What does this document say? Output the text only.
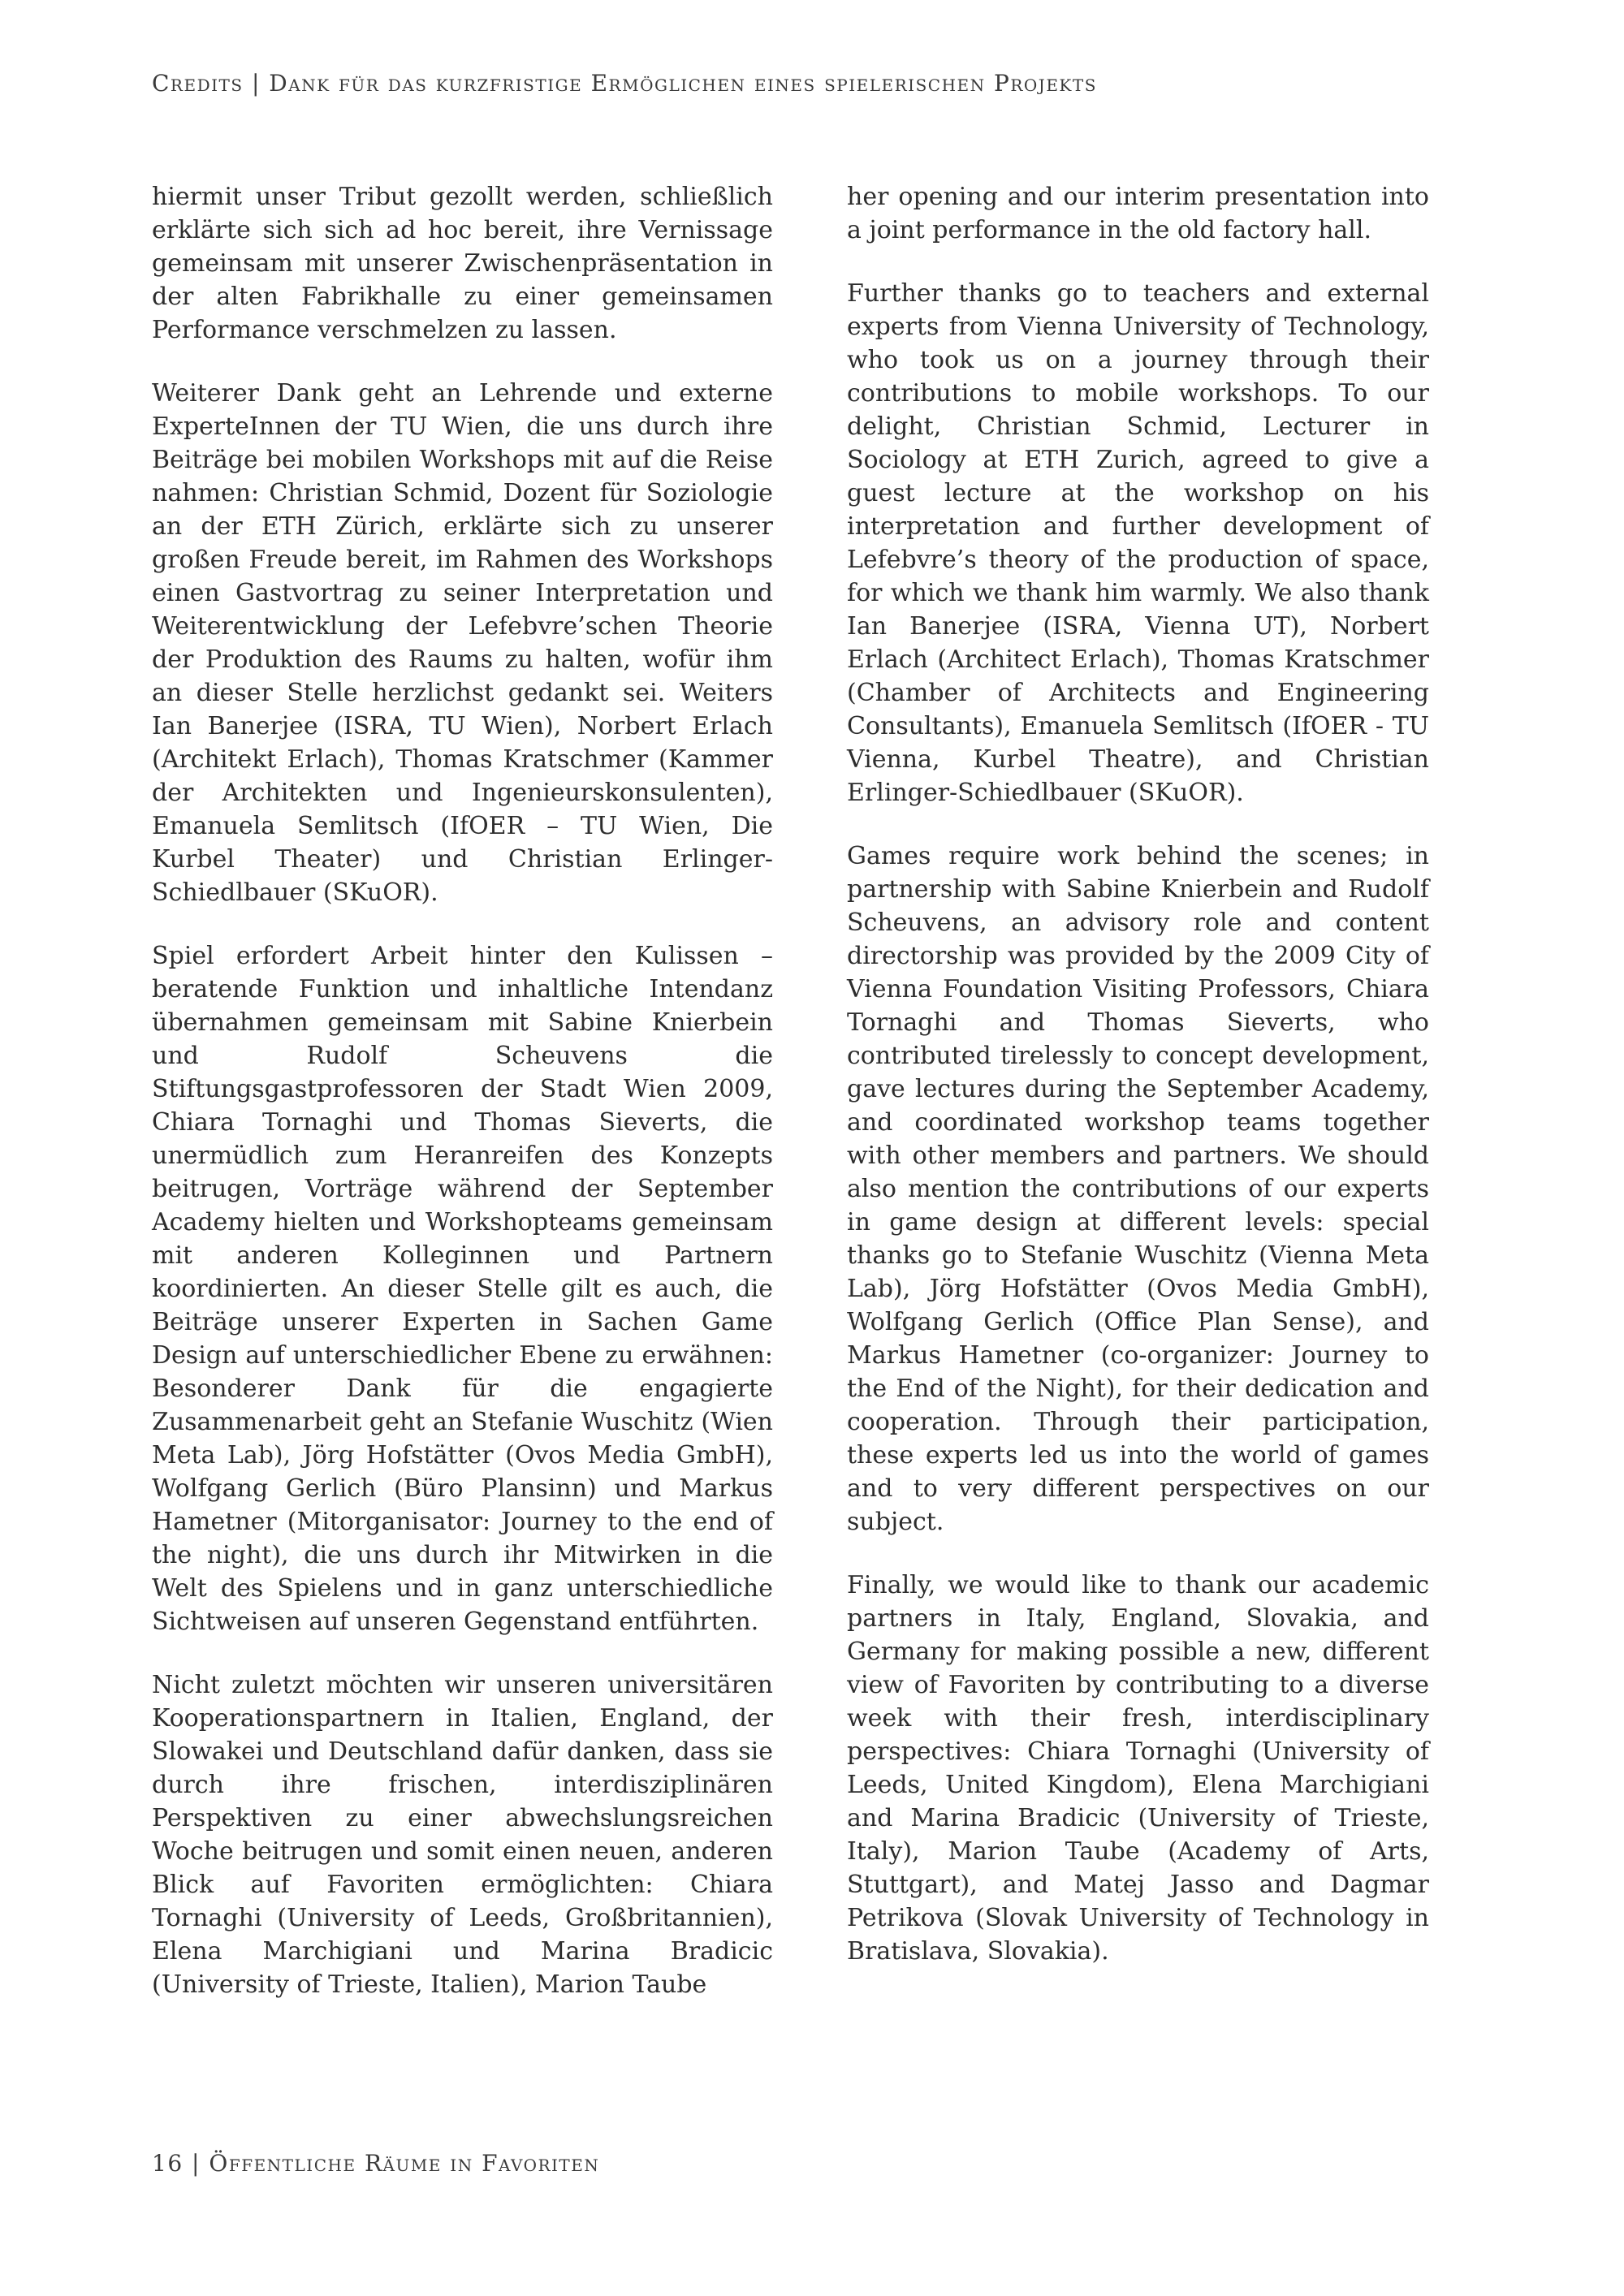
Credits | Dank für das kurzfristige Ermöglichen eines spielerischen Projekts

hiermit unser Tribut gezollt werden, schließlich erklärte sich sich ad hoc bereit, ihre Vernissage gemeinsam mit unserer Zwischenpräsentation in der alten Fabrikhalle zu einer gemeinsamen Performance verschmelzen zu lassen.

Weiterer Dank geht an Lehrende und externe ExperteInnen der TU Wien, die uns durch ihre Beiträge bei mobilen Workshops mit auf die Reise nahmen: Christian Schmid, Dozent für Soziologie an der ETH Zürich, erklärte sich zu unserer großen Freude bereit, im Rahmen des Workshops einen Gastvortrag zu seiner Interpretation und Weiterentwicklung der Lefebvre’schen Theorie der Produktion des Raums zu halten, wofür ihm an dieser Stelle herzlichst gedankt sei. Weiters Ian Banerjee (ISRA, TU Wien), Norbert Erlach (Architekt Erlach), Thomas Kratschmer (Kammer der Architekten und Ingenieurskonsulenten), Emanuela Semlitsch (IfOER – TU Wien, Die Kurbel Theater) und Christian Erlinger-Schiedlbauer (SKuOR).

Spiel erfordert Arbeit hinter den Kulissen – beratende Funktion und inhaltliche Intendanz übernahmen gemeinsam mit Sabine Knierbein und Rudolf Scheuvens die Stiftungsgastprofessoren der Stadt Wien 2009, Chiara Tornaghi und Thomas Sieverts, die unermüdlich zum Heranreifen des Konzepts beitrugen, Vorträge während der September Academy hielten und Workshopteams gemeinsam mit anderen Kolleginnen und Partnern koordinierten. An dieser Stelle gilt es auch, die Beiträge unserer Experten in Sachen Game Design auf unterschiedlicher Ebene zu erwähnen: Besonderer Dank für die engagierte Zusammenarbeit geht an Stefanie Wuschitz (Wien Meta Lab), Jörg Hofstätter (Ovos Media GmbH), Wolfgang Gerlich (Büro Plansinn) und Markus Hametner (Mitorganisator: Journey to the end of the night), die uns durch ihr Mitwirken in die Welt des Spielens und in ganz unterschiedliche Sichtweisen auf unseren Gegenstand entführten.

Nicht zuletzt möchten wir unseren universitären Kooperationspartnern in Italien, England, der Slowakei und Deutschland dafür danken, dass sie durch ihre frischen, interdisziplinären Perspektiven zu einer abwechslungsreichen Woche beitrugen und somit einen neuen, anderen Blick auf Favoriten ermöglichten: Chiara Tornaghi (University of Leeds, Großbritannien), Elena Marchigiani und Marina Bradicic (University of Trieste, Italien), Marion Taube

her opening and our interim presentation into a joint performance in the old factory hall.

Further thanks go to teachers and external experts from Vienna University of Technology, who took us on a journey through their contributions to mobile workshops. To our delight, Christian Schmid, Lecturer in Sociology at ETH Zurich, agreed to give a guest lecture at the workshop on his interpretation and further development of Lefebvre’s theory of the production of space, for which we thank him warmly. We also thank Ian Banerjee (ISRA, Vienna UT), Norbert Erlach (Architect Erlach), Thomas Kratschmer (Chamber of Architects and Engineering Consultants), Emanuela Semlitsch (IfOER - TU Vienna, Kurbel Theatre), and Christian Erlinger-Schiedlbauer (SKuOR).

Games require work behind the scenes; in partnership with Sabine Knierbein and Rudolf Scheuvens, an advisory role and content directorship was provided by the 2009 City of Vienna Foundation Visiting Professors, Chiara Tornaghi and Thomas Sieverts, who contributed tirelessly to concept development, gave lectures during the September Academy, and coordinated workshop teams together with other members and partners. We should also mention the contributions of our experts in game design at different levels: special thanks go to Stefanie Wuschitz (Vienna Meta Lab), Jörg Hofstätter (Ovos Media GmbH), Wolfgang Gerlich (Office Plan Sense), and Markus Hametner (co-organizer: Journey to the End of the Night), for their dedication and cooperation. Through their participation, these experts led us into the world of games and to very different perspectives on our subject.

Finally, we would like to thank our academic partners in Italy, England, Slovakia, and Germany for making possible a new, different view of Favoriten by contributing to a diverse week with their fresh, interdisciplinary perspectives: Chiara Tornaghi (University of Leeds, United Kingdom), Elena Marchigiani and Marina Bradicic (University of Trieste, Italy), Marion Taube (Academy of Arts, Stuttgart), and Matej Jasso and Dagmar Petrikova (Slovak University of Technology in Bratislava, Slovakia).

16 | Öffentliche Räume in Favoriten
